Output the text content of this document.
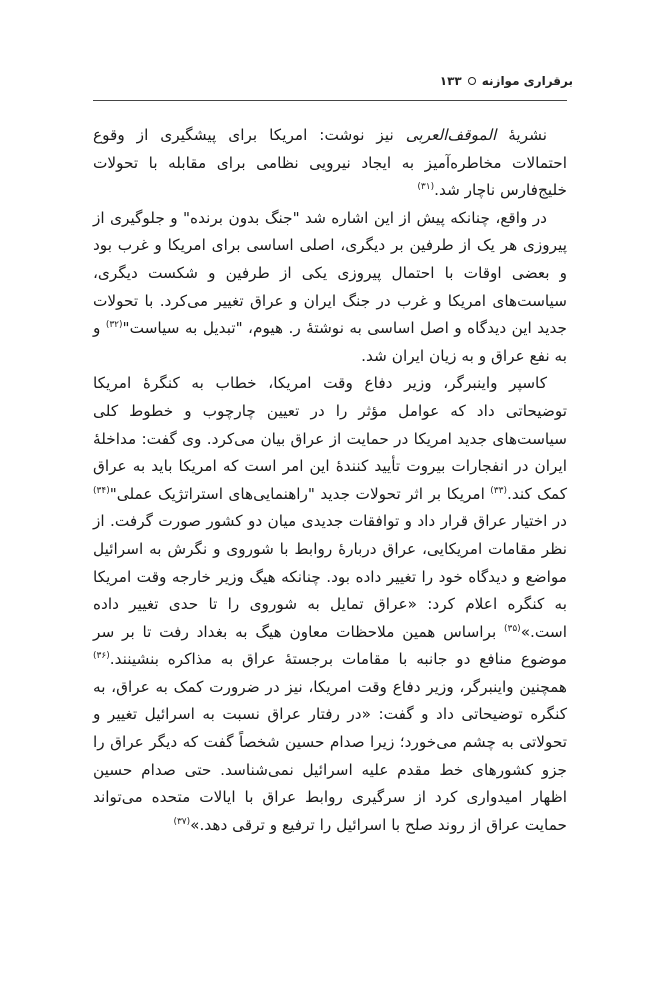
برقراری موازنه
۱۳۳

نشریهٔ الموقف‌العربی نیز نوشت: امریکا برای پیشگیری از وقوع احتمالات مخاطره‌آمیز به ایجاد نیرویی نظامی برای مقابله با تحولات خلیج‌فارس ناچار شد.$^{(۳۱)}$

در واقع، چنانکه پیش از این اشاره شد "جنگ بدون برنده" و جلوگیری از پیروزی هر یک از طرفین بر دیگری، اصلی اساسی برای امریکا و غرب بود و بعضی اوقات با احتمال پیروزی یکی از طرفین و شکست دیگری، سیاست‌های امریکا و غرب در جنگ ایران و عراق تغییر می‌کرد. با تحولات جدید این دیدگاه و اصل اساسی به نوشتهٔ ر. هیوم، "تبدیل به سیاست"$^{(۳۲)}$ و به نفع عراق و به زیان ایران شد.

کاسپر واینبرگر، وزیر دفاع وقت امریکا، خطاب به کنگرهٔ امریکا توضیحاتی داد که عوامل مؤثر را در تعیین چارچوب و خطوط کلی سیاست‌های جدید امریکا در حمایت از عراق بیان می‌کرد. وی گفت: مداخلهٔ ایران در انفجارات بیروت تأیید کنندهٔ این امر است که امریکا باید به عراق کمک کند.$^{(۳۳)}$ امریکا بر اثر تحولات جدید "راهنمایی‌های استراتژیک عملی"$^{(۳۴)}$ در اختیار عراق قرار داد و توافقات جدیدی میان دو کشور صورت گرفت. از نظر مقامات امریکایی، عراق دربارهٔ روابط با شوروی و نگرش به اسرائیل مواضع و دیدگاه خود را تغییر داده بود. چنانکه هیگ وزیر خارجه وقت امریکا به کنگره اعلام کرد: «عراق تمایل به شوروی را تا حدی تغییر داده است.»$^{(۳۵)}$ براساس همین ملاحظات معاون هیگ به بغداد رفت تا بر سر موضوع منافع دو جانبه با مقامات برجستهٔ عراق به مذاکره بنشینند.$^{(۳۶)}$ همچنین واینبرگر، وزیر دفاع وقت امریکا، نیز در ضرورت کمک به عراق، به کنگره توضیحاتی داد و گفت: «در رفتار عراق نسبت به اسرائیل تغییر و تحولاتی به چشم می‌خورد؛ زیرا صدام حسین شخصاً گفت که دیگر عراق را جزو کشورهای خط مقدم علیه اسرائیل نمی‌شناسد. حتی صدام حسین اظهار امیدواری کرد از سرگیری روابط عراق با ایالات متحده می‌تواند حمایت عراق از روند صلح با اسرائیل را ترفیع و ترقی دهد.»$^{(۳۷)}$
